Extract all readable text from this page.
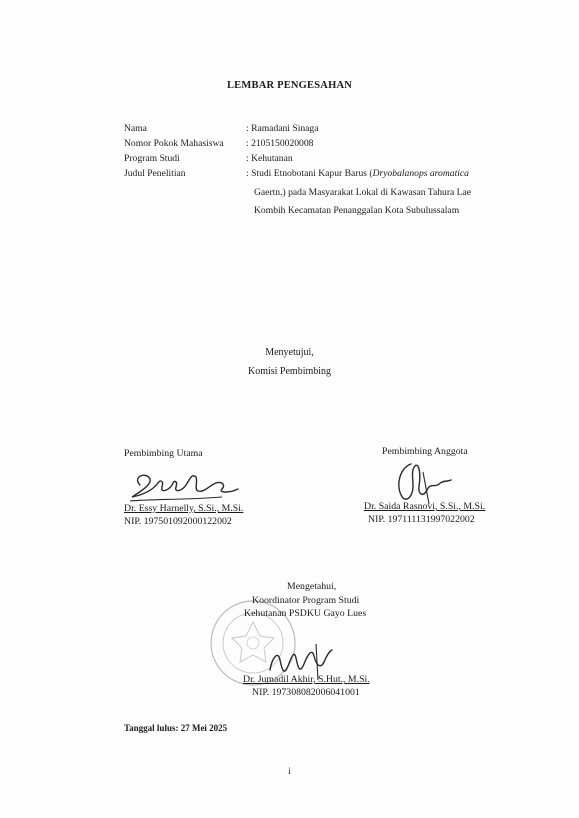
LEMBAR PENGESAHAN
Nama	: Ramadani Sinaga
Nomor Pokok Mahasiswa : 2105150020008
Program Studi	: Kehutanan
Judul Penelitian	: Studi Etnobotani Kapur Barus (Dryobalanops aromatica
Gaertn.) pada Masyarakat Lokal di Kawasan Tahura Lae
Kombih Kecamatan Penanggalan Kota Subulussalam
Menyetujui,
Komisi Pembimbing
Pembimbing Utama
Dr. Essy Harnelly, S.Si., M.Si.
NIP. 197501092000122002
Pembimbing Anggota
Dr. Saida Rasnovi, S.Si., M.Si.
NIP. 197111131997022002
Mengetahui,
Koordinator Program Studi
Kehutanan PSDKU Gayo Lues
Dr. Jumadil Akhir, S.Hut., M.Si.
NIP. 197308082006041001
Tanggal lulus: 27 Mei 2025
i
